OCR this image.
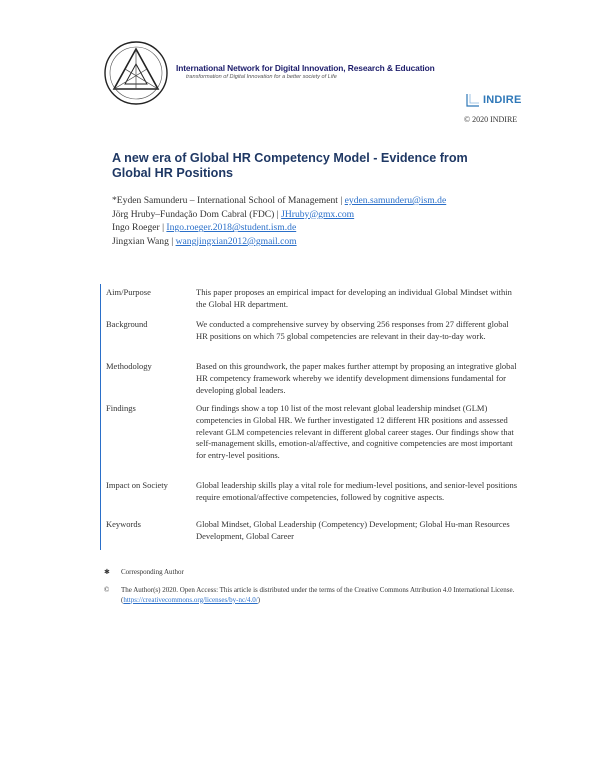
International Network for Digital Innovation, Research & Education
transformation of Digital Innovation for a better society of Life
INDIRE
© 2020 INDIRE
A new era of Global HR Competency Model - Evidence from Global HR Positions
*Eyden Samunderu – International School of Management | eyden.samunderu@ism.de
Jörg Hruby–Fundação Dom Cabral (FDC) | JHruby@gmx.com
Ingo Roeger | Ingo.roeger.2018@student.ism.de
Jingxian Wang | wangjingxian2012@gmail.com
Aim/Purpose	This paper proposes an empirical impact for developing an individual Global Mindset within the Global HR department.
Background	We conducted a comprehensive survey by observing 256 responses from 27 different global HR positions on which 75 global competencies are relevant in their day-to-day work.
Methodology	Based on this groundwork, the paper makes further attempt by proposing an integrative global HR competency framework whereby we identify development dimensions fundamental for developing global leaders.
Findings	Our findings show a top 10 list of the most relevant global leadership mindset (GLM) competencies in Global HR. We further investigated 12 different HR positions and assessed relevant GLM competencies relevant in different global career stages. Our findings show that self-management skills, emotion-al/affective, and cognitive competencies are most important for entry-level positions.
Impact on Society	Global leadership skills play a vital role for medium-level positions, and senior-level positions require emotional/affective competencies, followed by cognitive aspects.
Keywords	Global Mindset, Global Leadership (Competency) Development; Global Hu-man Resources Development, Global Career
✱	Corresponding Author
©	The Author(s) 2020. Open Access: This article is distributed under the terms of the Creative Commons Attribution 4.0 International License. (https://creativecommons.org/licenses/by-nc/4.0/)
